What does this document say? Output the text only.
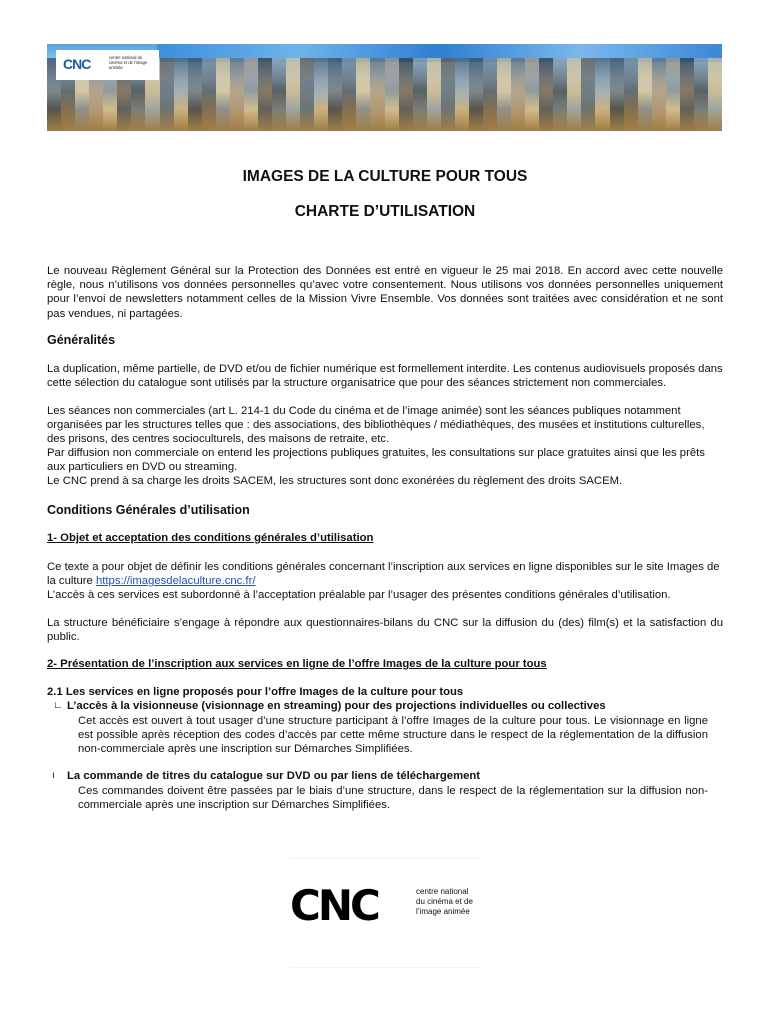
CNC	centre national du cinéma et de l'image animée
IMAGES DE LA CULTURE POUR TOUS
CHARTE D’UTILISATION

Le nouveau Règlement Général sur la Protection des Données est entré en vigueur le 25 mai 2018. En accord avec cette nouvelle règle, nous n’utilisons vos données personnelles qu’avec votre consentement. Nous utilisons vos données personnelles uniquement pour l’envoi de newsletters notamment celles de la Mission Vivre Ensemble. Vos données sont traitées avec considération et ne sont pas vendues, ni partagées.

Généralités

La duplication, même partielle, de DVD et/ou de fichier numérique est formellement interdite. Les contenus audiovisuels proposés dans cette sélection du catalogue sont utilisés par la structure organisatrice que pour des séances strictement non commerciales.

Les séances non commerciales (art L. 214-1 du Code du cinéma et de l’image animée) sont les séances publiques notamment organisées par les structures telles que : des associations, des bibliothèques / médiathèques, des musées et institutions culturelles, des prisons, des centres socioculturels, des maisons de retraite, etc.

Par diffusion non commerciale on entend les projections publiques gratuites, les consultations sur place gratuites ainsi que les prêts aux particuliers en DVD ou streaming.

Le CNC prend à sa charge les droits SACEM, les structures sont donc exonérées du règlement des droits SACEM.

Conditions Générales d’utilisation

1- Objet et acceptation des conditions générales d’utilisation

Ce texte a pour objet de définir les conditions générales concernant l’inscription aux services en ligne disponibles sur le site Images de la culture https://imagesdelaculture.cnc.fr/

L’accès à ces services est subordonné à l’acceptation préalable par l’usager des présentes conditions générales d’utilisation.

La structure bénéficiaire s’engage à répondre aux questionnaires-bilans du CNC sur la diffusion du (des) film(s) et la satisfaction du public.

2- Présentation de l’inscription aux services en ligne de l’offre Images de la culture pour tous

2.1 Les services en ligne proposés pour l’offre Images de la culture pour tous

∟ L’accès à la visionneuse (visionnage en streaming) pour des projections individuelles ou collectives

Cet accès est ouvert à tout usager d’une structure participant à l’offre Images de la culture pour tous. Le visionnage en ligne est possible après réception des codes d’accès par cette même structure dans le respect de la réglementation de la diffusion non-commerciale après une inscription sur Démarches Simplifiées.

ı La commande de titres du catalogue sur DVD ou par liens de téléchargement

Ces commandes doivent être passées par le biais d’une structure, dans le respect de la réglementation sur la diffusion non-commerciale après une inscription sur Démarches Simplifiées.

CNC	centre national
du cinéma et de
l’image animée
